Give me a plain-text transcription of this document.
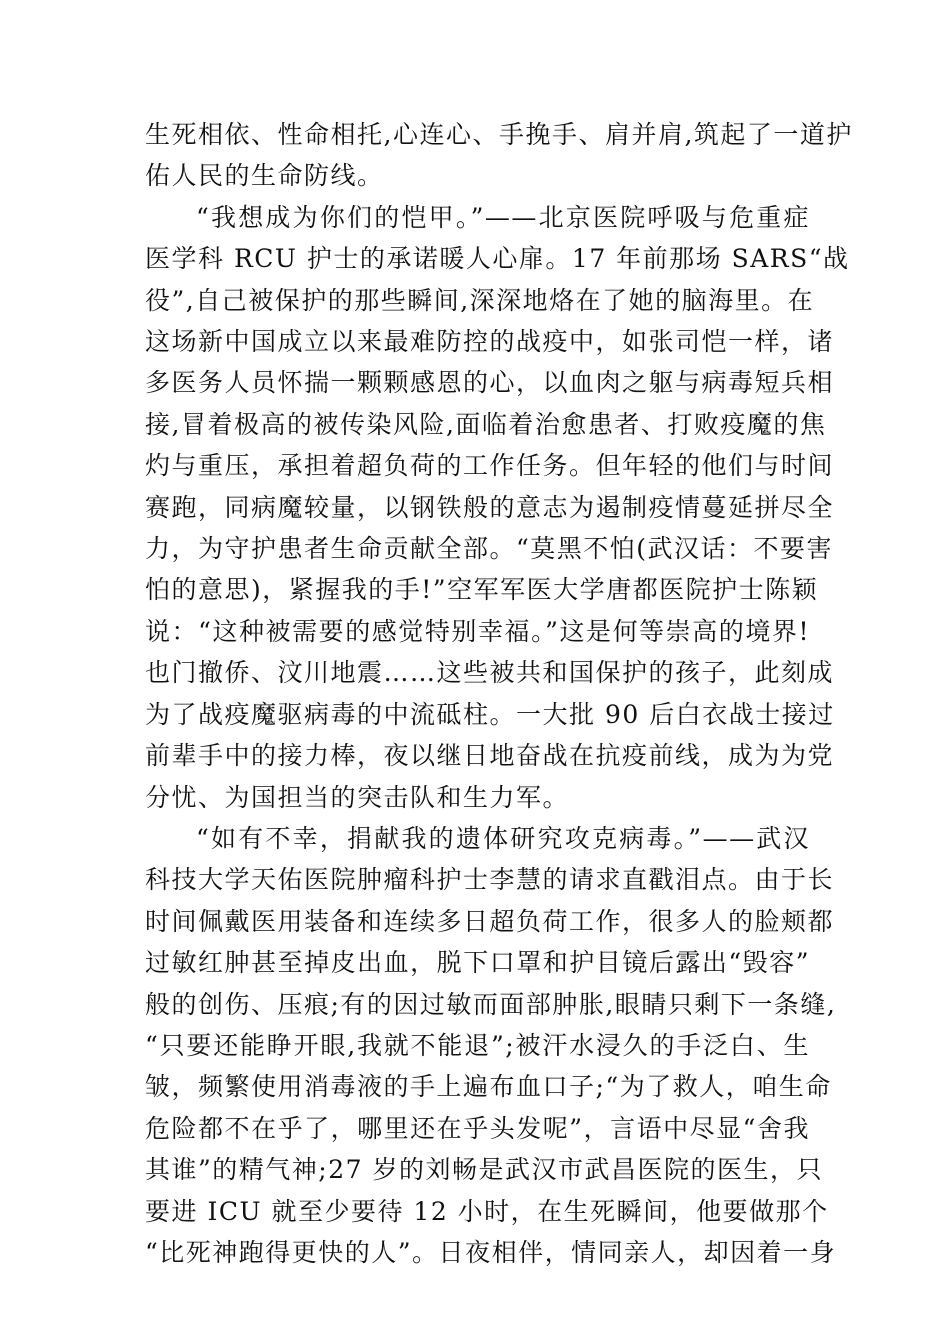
生死相依、性命相托,心连心、手挽手、肩并肩,筑起了一道护
佑人民的生命防线。

“我想成为你们的恺甲。”——北京医院呼吸与危重症
医学科 RCU 护士的承诺暖人心扉。17 年前那场 SARS“战
役”,自己被保护的那些瞬间,深深地烙在了她的脑海里。在
这场新中国成立以来最难防控的战疫中，如张司恺一样，诸
多医务人员怀揣一颗颗感恩的心，以血肉之躯与病毒短兵相
接,冒着极高的被传染风险,面临着治愈患者、打败疫魔的焦
灼与重压，承担着超负荷的工作任务。但年轻的他们与时间
赛跑，同病魔较量，以钢铁般的意志为遏制疫情蔓延拼尽全
力，为守护患者生命贡献全部。“莫黑不怕(武汉话：不要害
怕的意思)，紧握我的手!”空军军医大学唐都医院护士陈颖
说：“这种被需要的感觉特别幸福。”这是何等崇高的境界!
也门撤侨、汶川地震……这些被共和国保护的孩子，此刻成
为了战疫魔驱病毒的中流砥柱。一大批 90 后白衣战士接过
前辈手中的接力棒，夜以继日地奋战在抗疫前线，成为为党
分忧、为国担当的突击队和生力军。

“如有不幸，捐献我的遗体研究攻克病毒。”——武汉
科技大学天佑医院肿瘤科护士李慧的请求直戳泪点。由于长
时间佩戴医用装备和连续多日超负荷工作，很多人的脸颊都
过敏红肿甚至掉皮出血，脱下口罩和护目镜后露出“毁容”
般的创伤、压痕;有的因过敏而面部肿胀,眼睛只剩下一条缝,
“只要还能睁开眼,我就不能退”;被汗水浸久的手泛白、生
皱，频繁使用消毒液的手上遍布血口子;“为了救人，咱生命
危险都不在乎了，哪里还在乎头发呢”，言语中尽显“舍我
其谁”的精气神;27 岁的刘畅是武汉市武昌医院的医生，只
要进 ICU 就至少要待 12 小时，在生死瞬间，他要做那个
“比死神跑得更快的人”。日夜相伴，情同亲人，却因着一身
